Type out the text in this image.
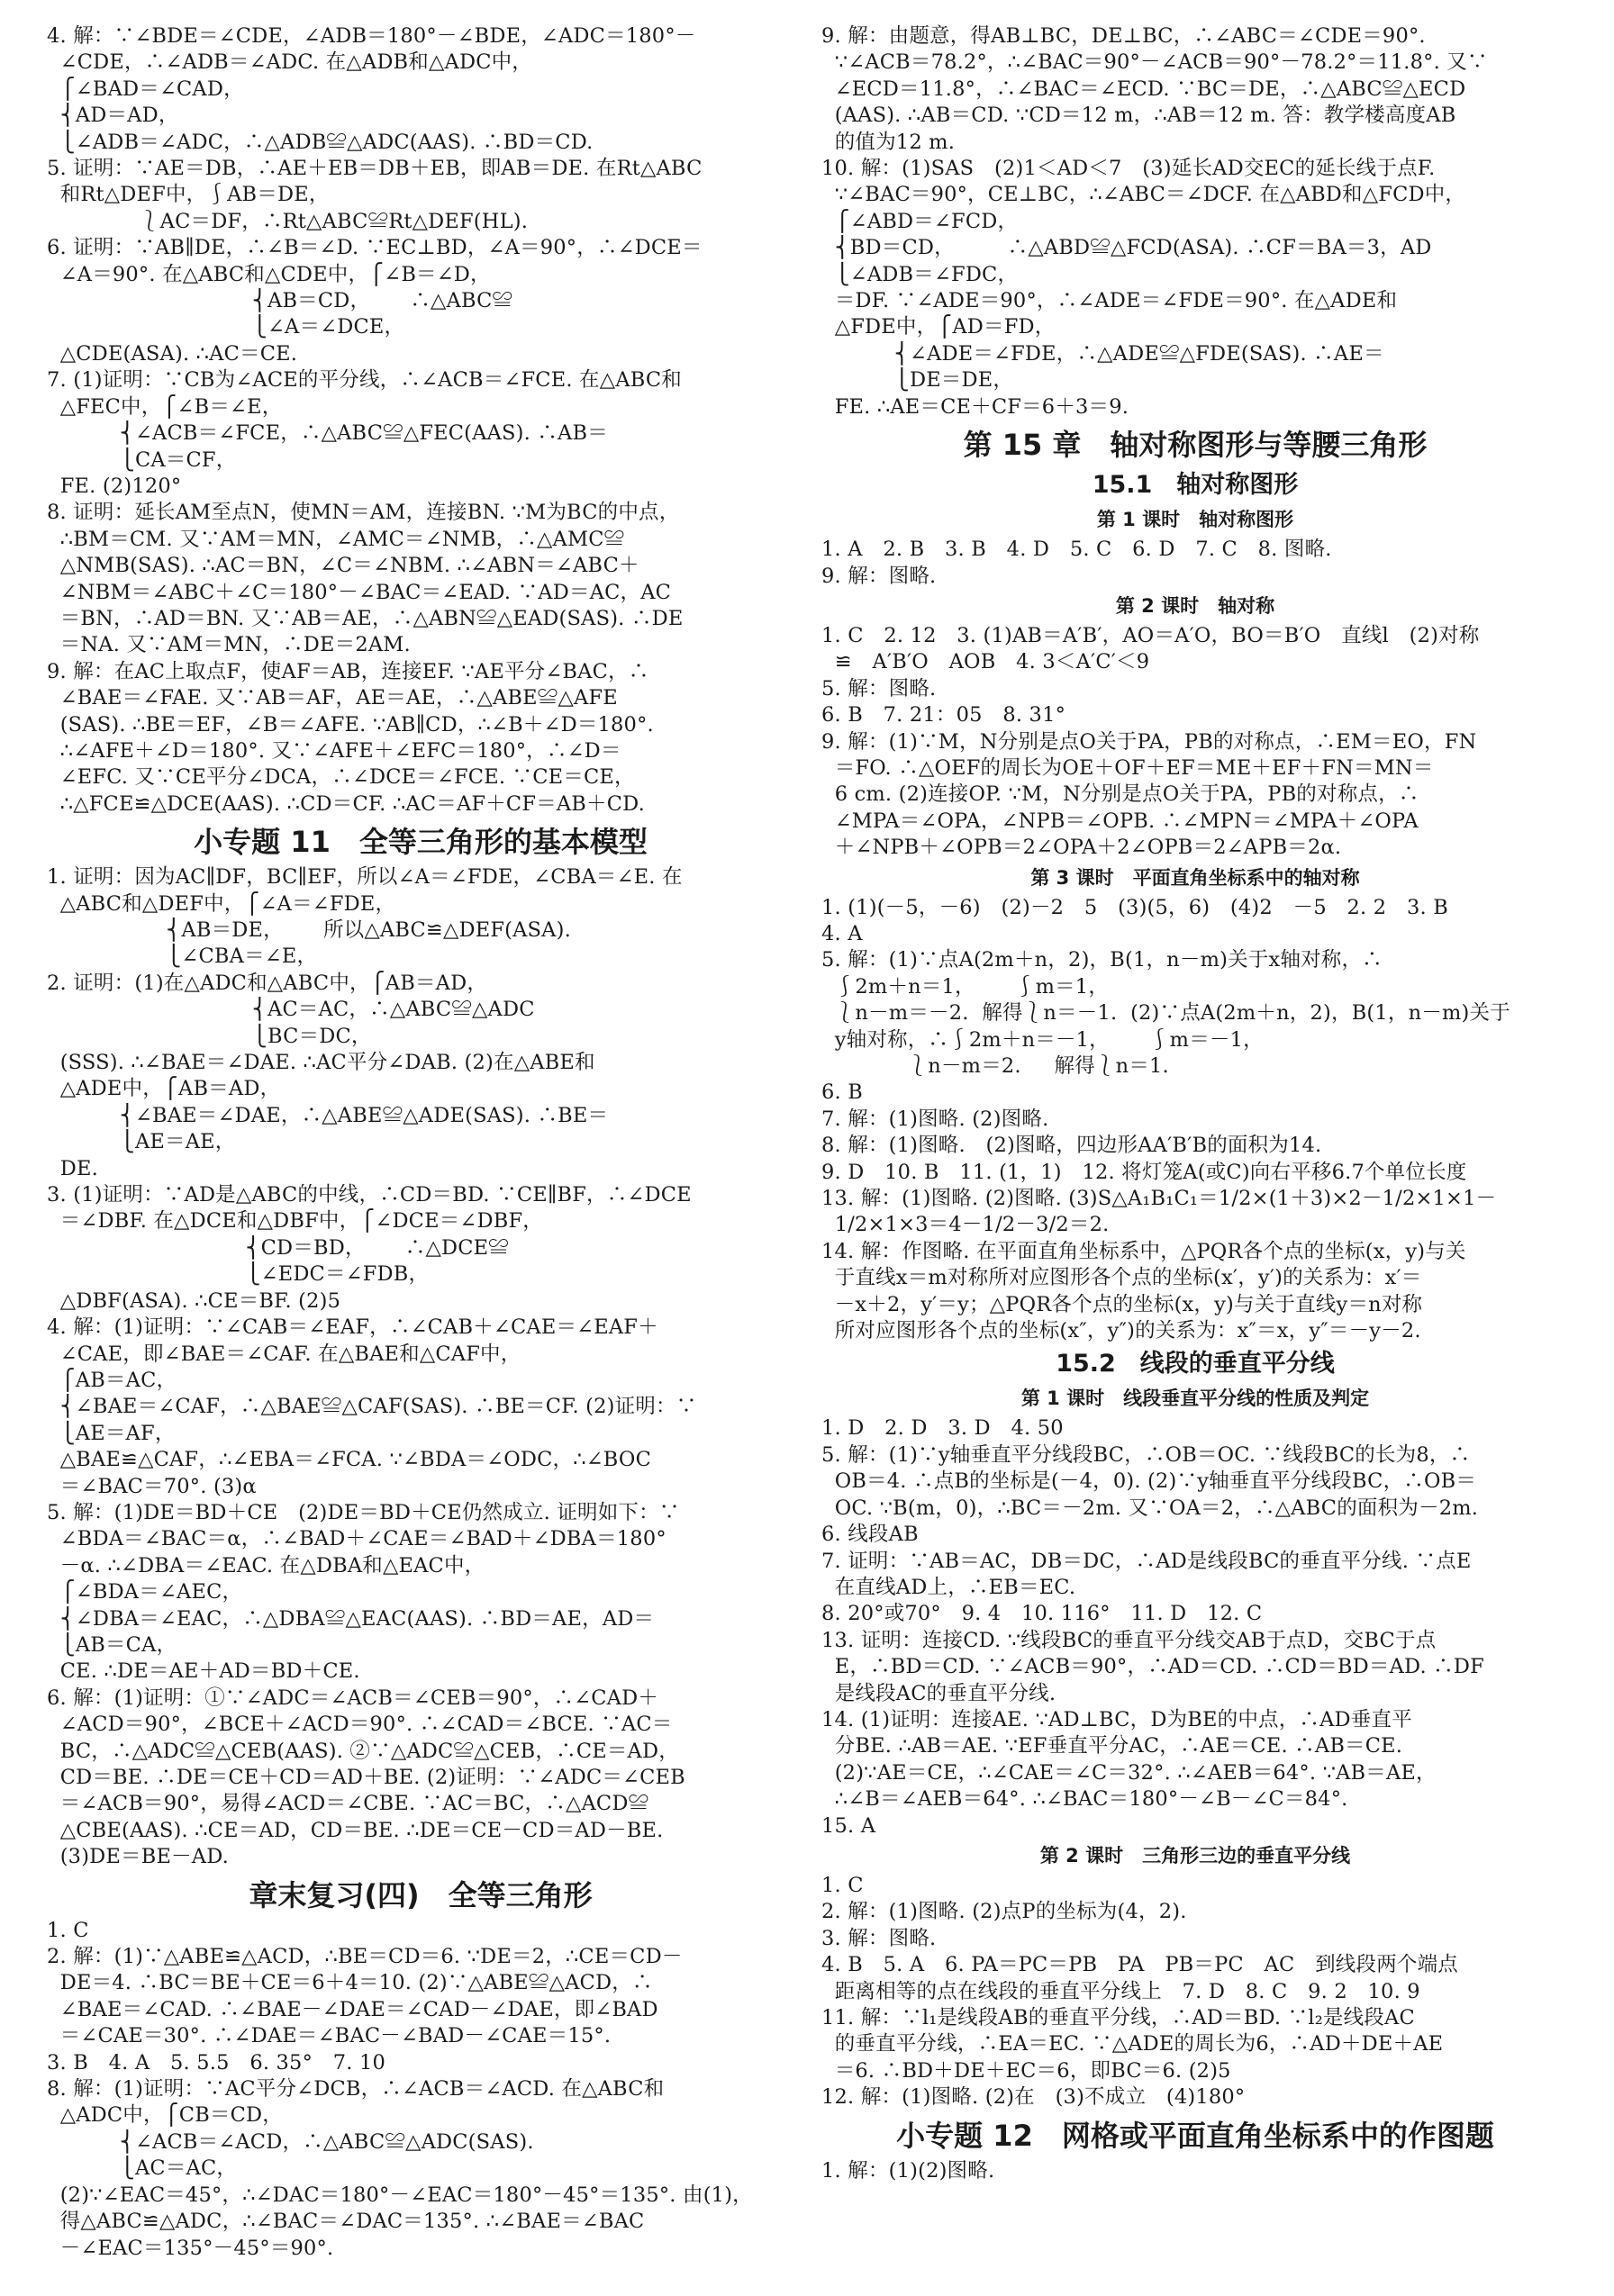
4. 解：∵∠BDE＝∠CDE，∠ADB＝180°－∠BDE，∠ADC＝180°－
∠CDE，∴∠ADB＝∠ADC. 在△ADB和△ADC中，
⎧∠BAD＝∠CAD，
⎨AD＝AD，
⎩∠ADB＝∠ADC，∴△ADB≌△ADC(AAS). ∴BD＝CD.
5. 证明：∵AE＝DB，∴AE＋EB＝DB＋EB，即AB＝DE. 在Rt△ABC
和Rt△DEF中，⎰AB＝DE，
⎱AC＝DF，∴Rt△ABC≌Rt△DEF(HL).
6. 证明：∵AB∥DE，∴∠B＝∠D. ∵EC⊥BD，∠A＝90°，∴∠DCE＝
∠A＝90°. 在△ABC和△CDE中，⎧∠B＝∠D，
⎨AB＝CD，      ∴△ABC≌
⎩∠A＝∠DCE，
△CDE(ASA). ∴AC＝CE.
7. (1)证明：∵CB为∠ACE的平分线，∴∠ACB＝∠FCE. 在△ABC和
△FEC中，⎧∠B＝∠E，
⎨∠ACB＝∠FCE，∴△ABC≌△FEC(AAS). ∴AB＝
⎩CA＝CF，
FE. (2)120°
8. 证明：延长AM至点N，使MN＝AM，连接BN. ∵M为BC的中点，
∴BM＝CM. 又∵AM＝MN，∠AMC＝∠NMB，∴△AMC≌
△NMB(SAS). ∴AC＝BN，∠C＝∠NBM. ∴∠ABN＝∠ABC＋
∠NBM＝∠ABC＋∠C＝180°－∠BAC＝∠EAD. ∵AD＝AC，AC
＝BN，∴AD＝BN. 又∵AB＝AE，∴△ABN≌△EAD(SAS). ∴DE
＝NA. 又∵AM＝MN，∴DE＝2AM.
9. 解：在AC上取点F，使AF＝AB，连接EF. ∵AE平分∠BAC，∴
∠BAE＝∠FAE. 又∵AB＝AF，AE＝AE，∴△ABE≌△AFE
(SAS). ∴BE＝EF，∠B＝∠AFE. ∵AB∥CD，∴∠B＋∠D＝180°.
∴∠AFE＋∠D＝180°. 又∵∠AFE＋∠EFC＝180°，∴∠D＝
∠EFC. 又∵CE平分∠DCA，∴∠DCE＝∠FCE. ∵CE＝CE，
∴△FCE≌△DCE(AAS). ∴CD＝CF. ∴AC＝AF＋CF＝AB＋CD.
小专题 11　全等三角形的基本模型
1. 证明：因为AC∥DF，BC∥EF，所以∠A＝∠FDE，∠CBA＝∠E. 在
△ABC和△DEF中，⎧∠A＝∠FDE，
⎨AB＝DE，      所以△ABC≌△DEF(ASA).
⎩∠CBA＝∠E，
2. 证明：(1)在△ADC和△ABC中，⎧AB＝AD，
⎨AC＝AC，∴△ABC≌△ADC
⎩BC＝DC，
(SSS). ∴∠BAE＝∠DAE. ∴AC平分∠DAB. (2)在△ABE和
△ADE中，⎧AB＝AD，
⎨∠BAE＝∠DAE，∴△ABE≌△ADE(SAS). ∴BE＝
⎩AE＝AE，
DE.
3. (1)证明：∵AD是△ABC的中线，∴CD＝BD. ∵CE∥BF，∴∠DCE
＝∠DBF. 在△DCE和△DBF中，⎧∠DCE＝∠DBF，
⎨CD＝BD，      ∴△DCE≌
⎩∠EDC＝∠FDB，
△DBF(ASA). ∴CE＝BF. (2)5
4. 解：(1)证明：∵∠CAB＝∠EAF，∴∠CAB＋∠CAE＝∠EAF＋
∠CAE，即∠BAE＝∠CAF. 在△BAE和△CAF中，
⎧AB＝AC，
⎨∠BAE＝∠CAF，∴△BAE≌△CAF(SAS). ∴BE＝CF. (2)证明：∵
⎩AE＝AF，
△BAE≌△CAF，∴∠EBA＝∠FCA. ∵∠BDA＝∠ODC，∴∠BOC
＝∠BAC＝70°. (3)α
5. 解：(1)DE＝BD＋CE　(2)DE＝BD＋CE仍然成立. 证明如下：∵
∠BDA＝∠BAC＝α，∴∠BAD＋∠CAE＝∠BAD＋∠DBA＝180°
－α. ∴∠DBA＝∠EAC. 在△DBA和△EAC中，
⎧∠BDA＝∠AEC，
⎨∠DBA＝∠EAC，∴△DBA≌△EAC(AAS). ∴BD＝AE，AD＝
⎩AB＝CA，
CE. ∴DE＝AE＋AD＝BD＋CE.
6. 解：(1)证明：①∵∠ADC＝∠ACB＝∠CEB＝90°，∴∠CAD＋
∠ACD＝90°，∠BCE＋∠ACD＝90°. ∴∠CAD＝∠BCE. ∵AC＝
BC，∴△ADC≌△CEB(AAS). ②∵△ADC≌△CEB，∴CE＝AD，
CD＝BE. ∴DE＝CE＋CD＝AD＋BE. (2)证明：∵∠ADC＝∠CEB
＝∠ACB＝90°，易得∠ACD＝∠CBE. ∵AC＝BC，∴△ACD≌
△CBE(AAS). ∴CE＝AD，CD＝BE. ∴DE＝CE－CD＝AD－BE.
(3)DE＝BE－AD.
章末复习(四)　全等三角形
1. C
2. 解：(1)∵△ABE≌△ACD，∴BE＝CD＝6. ∵DE＝2，∴CE＝CD－
DE＝4. ∴BC＝BE＋CE＝6＋4＝10. (2)∵△ABE≌△ACD，∴
∠BAE＝∠CAD. ∴∠BAE－∠DAE＝∠CAD－∠DAE，即∠BAD
＝∠CAE＝30°. ∴∠DAE＝∠BAC－∠BAD－∠CAE＝15°.
3. B　4. A　5. 5.5　6. 35°　7. 10
8. 解：(1)证明：∵AC平分∠DCB，∴∠ACB＝∠ACD. 在△ABC和
△ADC中，⎧CB＝CD，
⎨∠ACB＝∠ACD，∴△ABC≌△ADC(SAS).
⎩AC＝AC，
(2)∵∠EAC＝45°，∴∠DAC＝180°－∠EAC＝180°－45°＝135°. 由(1)，
得△ABC≌△ADC，∴∠BAC＝∠DAC＝135°. ∴∠BAE＝∠BAC
－∠EAC＝135°－45°＝90°.
9. 解：由题意，得AB⊥BC，DE⊥BC，∴∠ABC＝∠CDE＝90°.
∵∠ACB＝78.2°，∴∠BAC＝90°－∠ACB＝90°－78.2°＝11.8°. 又∵
∠ECD＝11.8°，∴∠BAC＝∠ECD. ∵BC＝DE，∴△ABC≌△ECD
(AAS). ∴AB＝CD. ∵CD＝12 m，∴AB＝12 m. 答：教学楼高度AB
的值为12 m.
10. 解：(1)SAS　(2)1＜AD＜7　(3)延长AD交EC的延长线于点F.
∵∠BAC＝90°，CE⊥BC，∴∠ABC＝∠DCF. 在△ABD和△FCD中，
⎧∠ABD＝∠FCD，
⎨BD＝CD，        ∴△ABD≌△FCD(ASA). ∴CF＝BA＝3，AD
⎩∠ADB＝∠FDC，
＝DF. ∵∠ADE＝90°，∴∠ADE＝∠FDE＝90°. 在△ADE和
△FDE中，⎧AD＝FD，
⎨∠ADE＝∠FDE，∴△ADE≌△FDE(SAS). ∴AE＝
⎩DE＝DE，
FE. ∴AE＝CE＋CF＝6＋3＝9.
第 15 章　轴对称图形与等腰三角形
15.1　轴对称图形
第 1 课时　轴对称图形
1. A　2. B　3. B　4. D　5. C　6. D　7. C　8. 图略.
9. 解：图略.
第 2 课时　轴对称
1. C　2. 12　3. (1)AB＝A′B′，AO＝A′O，BO＝B′O　直线l　(2)对称
≌　A′B′O　AOB　4. 3＜A′C′＜9
5. 解：图略.
6. B　7. 21：05　8. 31°
9. 解：(1)∵M，N分别是点O关于PA，PB的对称点，∴EM＝EO，FN
＝FO. ∴△OEF的周长为OE＋OF＋EF＝ME＋EF＋FN＝MN＝
6 cm. (2)连接OP. ∵M，N分别是点O关于PA，PB的对称点，∴
∠MPA＝∠OPA，∠NPB＝∠OPB. ∴∠MPN＝∠MPA＋∠OPA
＋∠NPB＋∠OPB＝2∠OPA＋2∠OPB＝2∠APB＝2α.
第 3 课时　平面直角坐标系中的轴对称
1. (1)(－5，－6)　(2)－2　5　(3)(5，6)　(4)2　－5　2. 2　3. B
4. A
5. 解：(1)∵点A(2m＋n，2)，B(1，n－m)关于x轴对称，∴
⎰2m＋n＝1，      ⎰m＝1，
⎱n－m＝－2.  解得⎱n＝－1.  (2)∵点A(2m＋n，2)，B(1，n－m)关于
y轴对称，∴⎰2m＋n＝－1，      ⎰m＝－1，
⎱n－m＝2.     解得⎱n＝1.
6. B
7. 解：(1)图略. (2)图略.
8. 解：(1)图略.　(2)图略，四边形AA′B′B的面积为14.
9. D　10. B　11. (1，1)　12. 将灯笼A(或C)向右平移6.7个单位长度
13. 解：(1)图略. (2)图略. (3)S△A₁B₁C₁＝1/2×(1＋3)×2－1/2×1×1－
1/2×1×3＝4－1/2－3/2＝2.
14. 解：作图略. 在平面直角坐标系中，△PQR各个点的坐标(x，y)与关
于直线x＝m对称所对应图形各个点的坐标(x′，y′)的关系为：x′＝
－x＋2，y′＝y；△PQR各个点的坐标(x，y)与关于直线y＝n对称
所对应图形各个点的坐标(x″，y″)的关系为：x″＝x，y″＝－y－2.
15.2　线段的垂直平分线
第 1 课时　线段垂直平分线的性质及判定
1. D　2. D　3. D　4. 50
5. 解：(1)∵y轴垂直平分线段BC，∴OB＝OC. ∵线段BC的长为8，∴
OB＝4. ∴点B的坐标是(－4，0). (2)∵y轴垂直平分线段BC，∴OB＝
OC. ∵B(m，0)，∴BC＝－2m. 又∵OA＝2，∴△ABC的面积为－2m.
6. 线段AB
7. 证明：∵AB＝AC，DB＝DC，∴AD是线段BC的垂直平分线. ∵点E
在直线AD上，∴EB＝EC.
8. 20°或70°　9. 4　10. 116°　11. D　12. C
13. 证明：连接CD. ∵线段BC的垂直平分线交AB于点D，交BC于点
E，∴BD＝CD. ∵∠ACB＝90°，∴AD＝CD. ∴CD＝BD＝AD. ∴DF
是线段AC的垂直平分线.
14. (1)证明：连接AE. ∵AD⊥BC，D为BE的中点，∴AD垂直平
分BE. ∴AB＝AE. ∵EF垂直平分AC，∴AE＝CE. ∴AB＝CE.
(2)∵AE＝CE，∴∠CAE＝∠C＝32°. ∴∠AEB＝64°. ∵AB＝AE，
∴∠B＝∠AEB＝64°. ∴∠BAC＝180°－∠B－∠C＝84°.
15. A
第 2 课时　三角形三边的垂直平分线
1. C
2. 解：(1)图略. (2)点P的坐标为(4，2).
3. 解：图略.
4. B　5. A　6. PA＝PC＝PB　PA　PB＝PC　AC　到线段两个端点
距离相等的点在线段的垂直平分线上　7. D　8. C　9. 2　10. 9
11. 解：∵l₁是线段AB的垂直平分线，∴AD＝BD. ∵l₂是线段AC
的垂直平分线，∴EA＝EC. ∵△ADE的周长为6，∴AD＋DE＋AE
＝6. ∴BD＋DE＋EC＝6，即BC＝6. (2)5
12. 解：(1)图略. (2)在　(3)不成立　(4)180°
小专题 12　网格或平面直角坐标系中的作图题
1. 解：(1)(2)图略.
